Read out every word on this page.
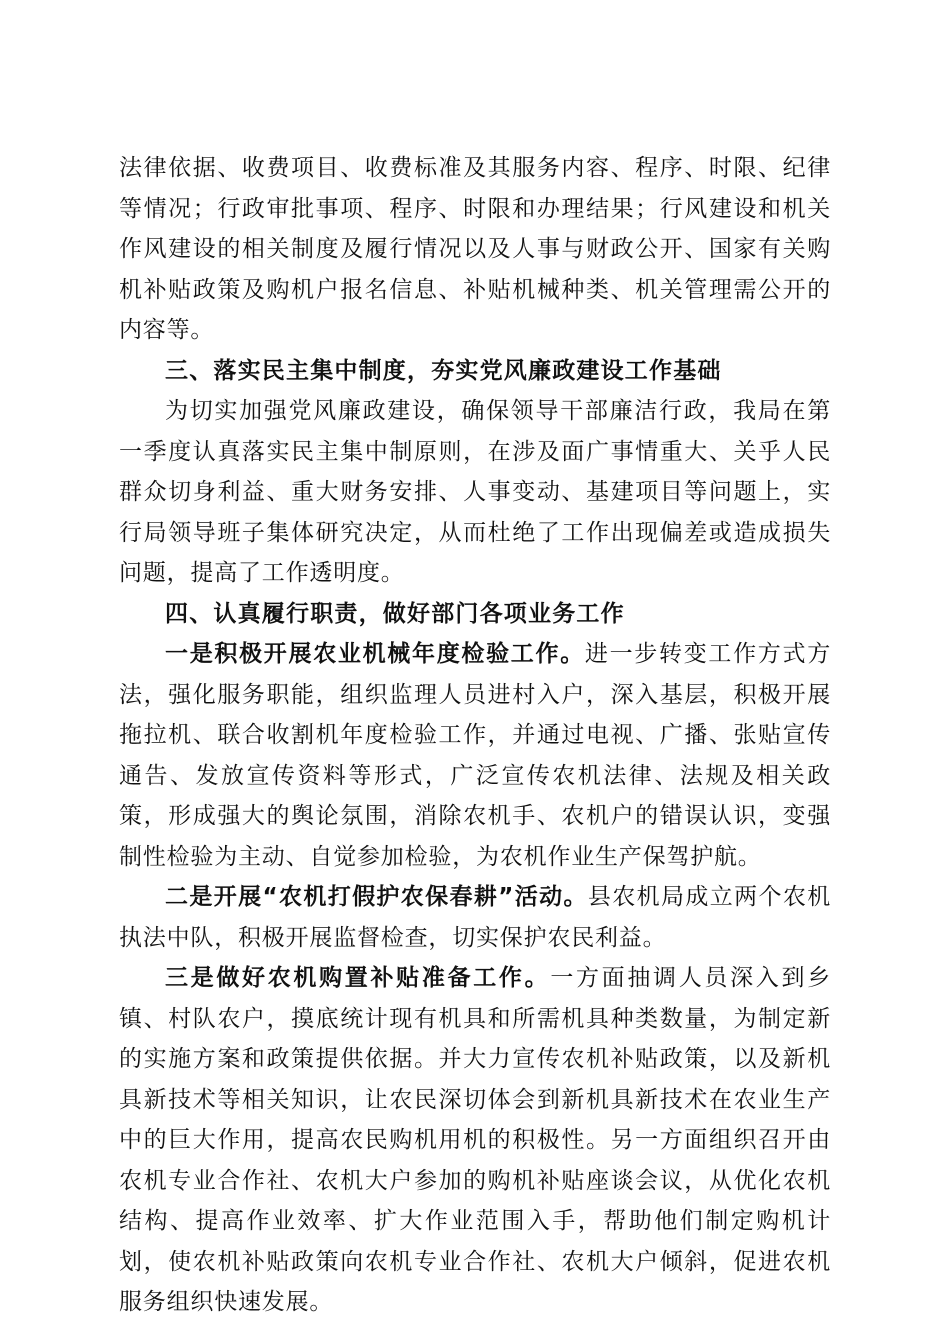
法律依据、收费项目、收费标准及其服务内容、程序、时限、纪律等情况；行政审批事项、程序、时限和办理结果；行风建设和机关作风建设的相关制度及履行情况以及人事与财政公开、国家有关购机补贴政策及购机户报名信息、补贴机械种类、机关管理需公开的内容等。

三、落实民主集中制度，夯实党风廉政建设工作基础

为切实加强党风廉政建设，确保领导干部廉洁行政，我局在第一季度认真落实民主集中制原则，在涉及面广事情重大、关乎人民群众切身利益、重大财务安排、人事变动、基建项目等问题上，实行局领导班子集体研究决定，从而杜绝了工作出现偏差或造成损失问题，提高了工作透明度。

四、认真履行职责，做好部门各项业务工作

一是积极开展农业机械年度检验工作。进一步转变工作方式方法，强化服务职能，组织监理人员进村入户，深入基层，积极开展拖拉机、联合收割机年度检验工作，并通过电视、广播、张贴宣传通告、发放宣传资料等形式，广泛宣传农机法律、法规及相关政策，形成强大的舆论氛围，消除农机手、农机户的错误认识，变强制性检验为主动、自觉参加检验，为农机作业生产保驾护航。

二是开展“农机打假护农保春耕”活动。县农机局成立两个农机执法中队，积极开展监督检查，切实保护农民利益。

三是做好农机购置补贴准备工作。一方面抽调人员深入到乡镇、村队农户，摸底统计现有机具和所需机具种类数量，为制定新的实施方案和政策提供依据。并大力宣传农机补贴政策，以及新机具新技术等相关知识，让农民深切体会到新机具新技术在农业生产中的巨大作用，提高农民购机用机的积极性。另一方面组织召开由农机专业合作社、农机大户参加的购机补贴座谈会议，从优化农机结构、提高作业效率、扩大作业范围入手，帮助他们制定购机计划，使农机补贴政策向农机专业合作社、农机大户倾斜，促进农机服务组织快速发展。
